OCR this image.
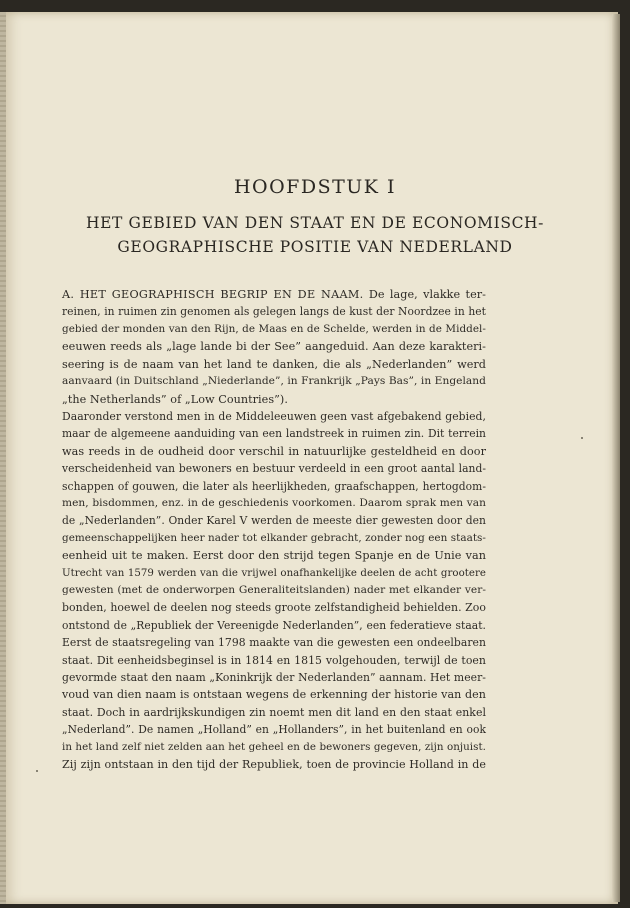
HOOFDSTUK I
HET GEBIED VAN DEN STAAT EN DE ECONOMISCH-
GEOGRAPHISCHE POSITIE VAN NEDERLAND
A. HET GEOGRAPHISCH BEGRIP EN DE NAAM. De lage, vlakke ter-
reinen, in ruimen zin genomen als gelegen langs de kust der Noordzee in het
gebied der monden van den Rijn, de Maas en de Schelde, werden in de Middel-
eeuwen reeds als „lage lande bi der See” aangeduid. Aan deze karakteri-
seering is de naam van het land te danken, die als „Nederlanden” werd
aanvaard (in Duitschland „Niederlande”, in Frankrijk „Pays Bas”, in Engeland
„the Netherlands” of „Low Countries”).
Daaronder verstond men in de Middeleeuwen geen vast afgebakend gebied,
maar de algemeene aanduiding van een landstreek in ruimen zin. Dit terrein
was reeds in de oudheid door verschil in natuurlijke gesteldheid en door
verscheidenheid van bewoners en bestuur verdeeld in een groot aantal land-
schappen of gouwen, die later als heerlijkheden, graafschappen, hertogdom-
men, bisdommen, enz. in de geschiedenis voorkomen. Daarom sprak men van
de „Nederlanden”. Onder Karel V werden de meeste dier gewesten door den
gemeenschappelijken heer nader tot elkander gebracht, zonder nog een staats-
eenheid uit te maken. Eerst door den strijd tegen Spanje en de Unie van
Utrecht van 1579 werden van die vrijwel onafhankelijke deelen de acht grootere
gewesten (met de onderworpen Generaliteitslanden) nader met elkander ver-
bonden, hoewel de deelen nog steeds groote zelfstandigheid behielden. Zoo
ontstond de „Republiek der Vereenigde Nederlanden”, een federatieve staat.
Eerst de staatsregeling van 1798 maakte van die gewesten een ondeelbaren
staat. Dit eenheidsbeginsel is in 1814 en 1815 volgehouden, terwijl de toen
gevormde staat den naam „Koninkrijk der Nederlanden” aannam. Het meer-
voud van dien naam is ontstaan wegens de erkenning der historie van den
staat. Doch in aardrijkskundigen zin noemt men dit land en den staat enkel
„Nederland”. De namen „Holland” en „Hollanders”, in het buitenland en ook
in het land zelf niet zelden aan het geheel en de bewoners gegeven, zijn onjuist.
Zij zijn ontstaan in den tijd der Republiek, toen de provincie Holland in de
